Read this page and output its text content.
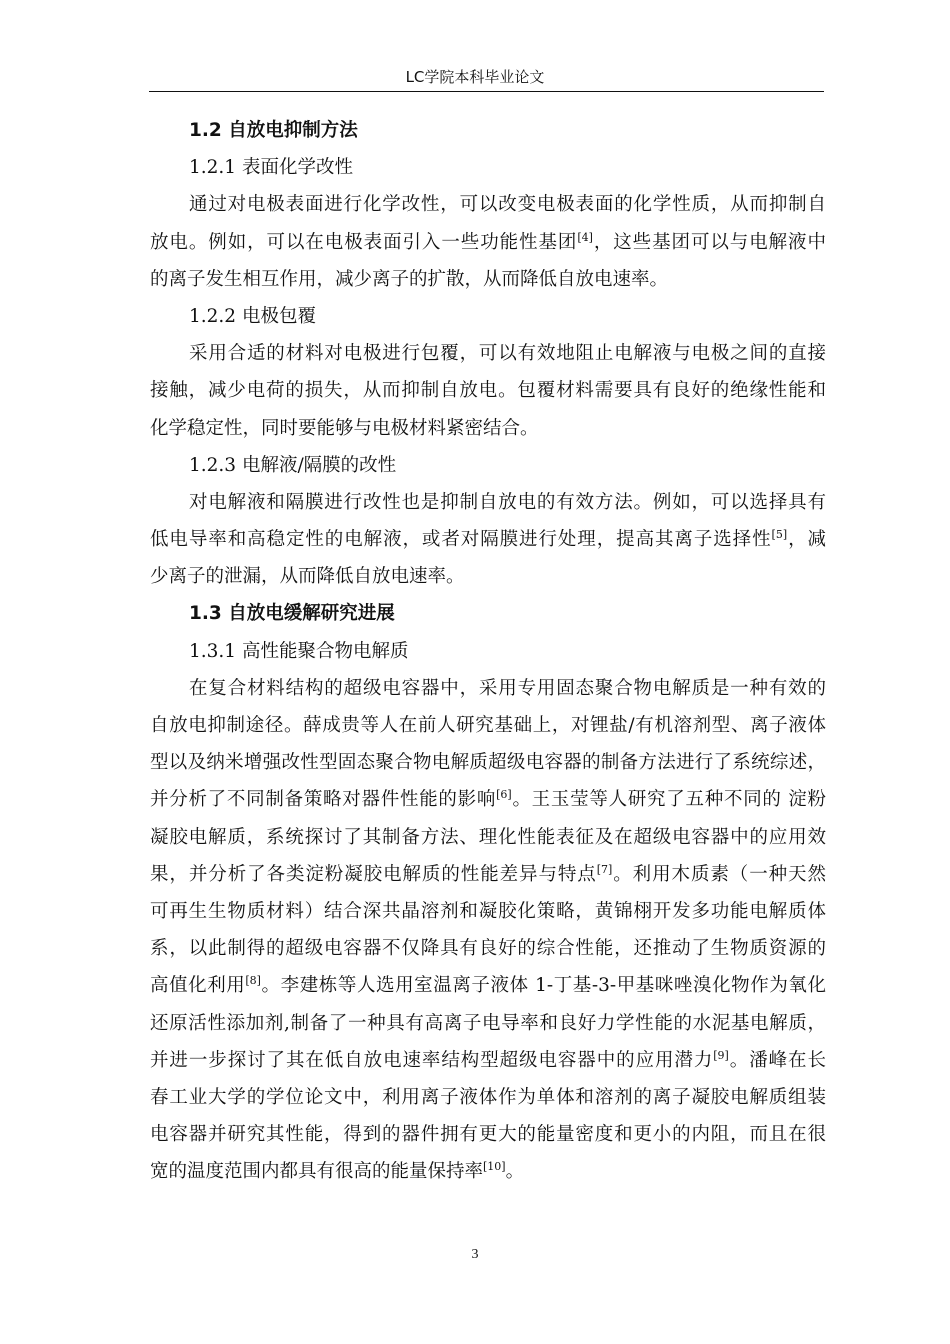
LC学院本科毕业论文
1.2 自放电抑制方法
1.2.1 表面化学改性
通过对电极表面进行化学改性，可以改变电极表面的化学性质，从而抑制自
放电。例如，可以在电极表面引入一些功能性基团[4]，这些基团可以与电解液中
的离子发生相互作用，减少离子的扩散，从而降低自放电速率。
1.2.2 电极包覆
采用合适的材料对电极进行包覆，可以有效地阻止电解液与电极之间的直接
接触，减少电荷的损失，从而抑制自放电。包覆材料需要具有良好的绝缘性能和
化学稳定性，同时要能够与电极材料紧密结合。
1.2.3 电解液/隔膜的改性
对电解液和隔膜进行改性也是抑制自放电的有效方法。例如，可以选择具有
低电导率和高稳定性的电解液，或者对隔膜进行处理，提高其离子选择性[5]，减
少离子的泄漏，从而降低自放电速率。
1.3 自放电缓解研究进展
1.3.1 高性能聚合物电解质
在复合材料结构的超级电容器中，采用专用固态聚合物电解质是一种有效的
自放电抑制途径。薛成贵等人在前人研究基础上，对锂盐/有机溶剂型、离子液体
型以及纳米增强改性型固态聚合物电解质超级电容器的制备方法进行了系统综述，
并分析了不同制备策略对器件性能的影响[6]。王玉莹等人研究了五种不同的 淀粉
凝胶电解质，系统探讨了其制备方法、理化性能表征及在超级电容器中的应用效
果，并分析了各类淀粉凝胶电解质的性能差异与特点[7]。利用木质素（一种天然
可再生生物质材料）结合深共晶溶剂和凝胶化策略，黄锦栩开发多功能电解质体
系，以此制得的超级电容器不仅降具有良好的综合性能，还推动了生物质资源的
高值化利用[8]。李建栋等人选用室温离子液体 1-丁基-3-甲基咪唑溴化物作为氧化
还原活性添加剂,制备了一种具有高离子电导率和良好力学性能的水泥基电解质，
并进一步探讨了其在低自放电速率结构型超级电容器中的应用潜力[9]。潘峰在长
春工业大学的学位论文中，利用离子液体作为单体和溶剂的离子凝胶电解质组装
电容器并研究其性能，得到的器件拥有更大的能量密度和更小的内阻，而且在很
宽的温度范围内都具有很高的能量保持率[10]。
3
